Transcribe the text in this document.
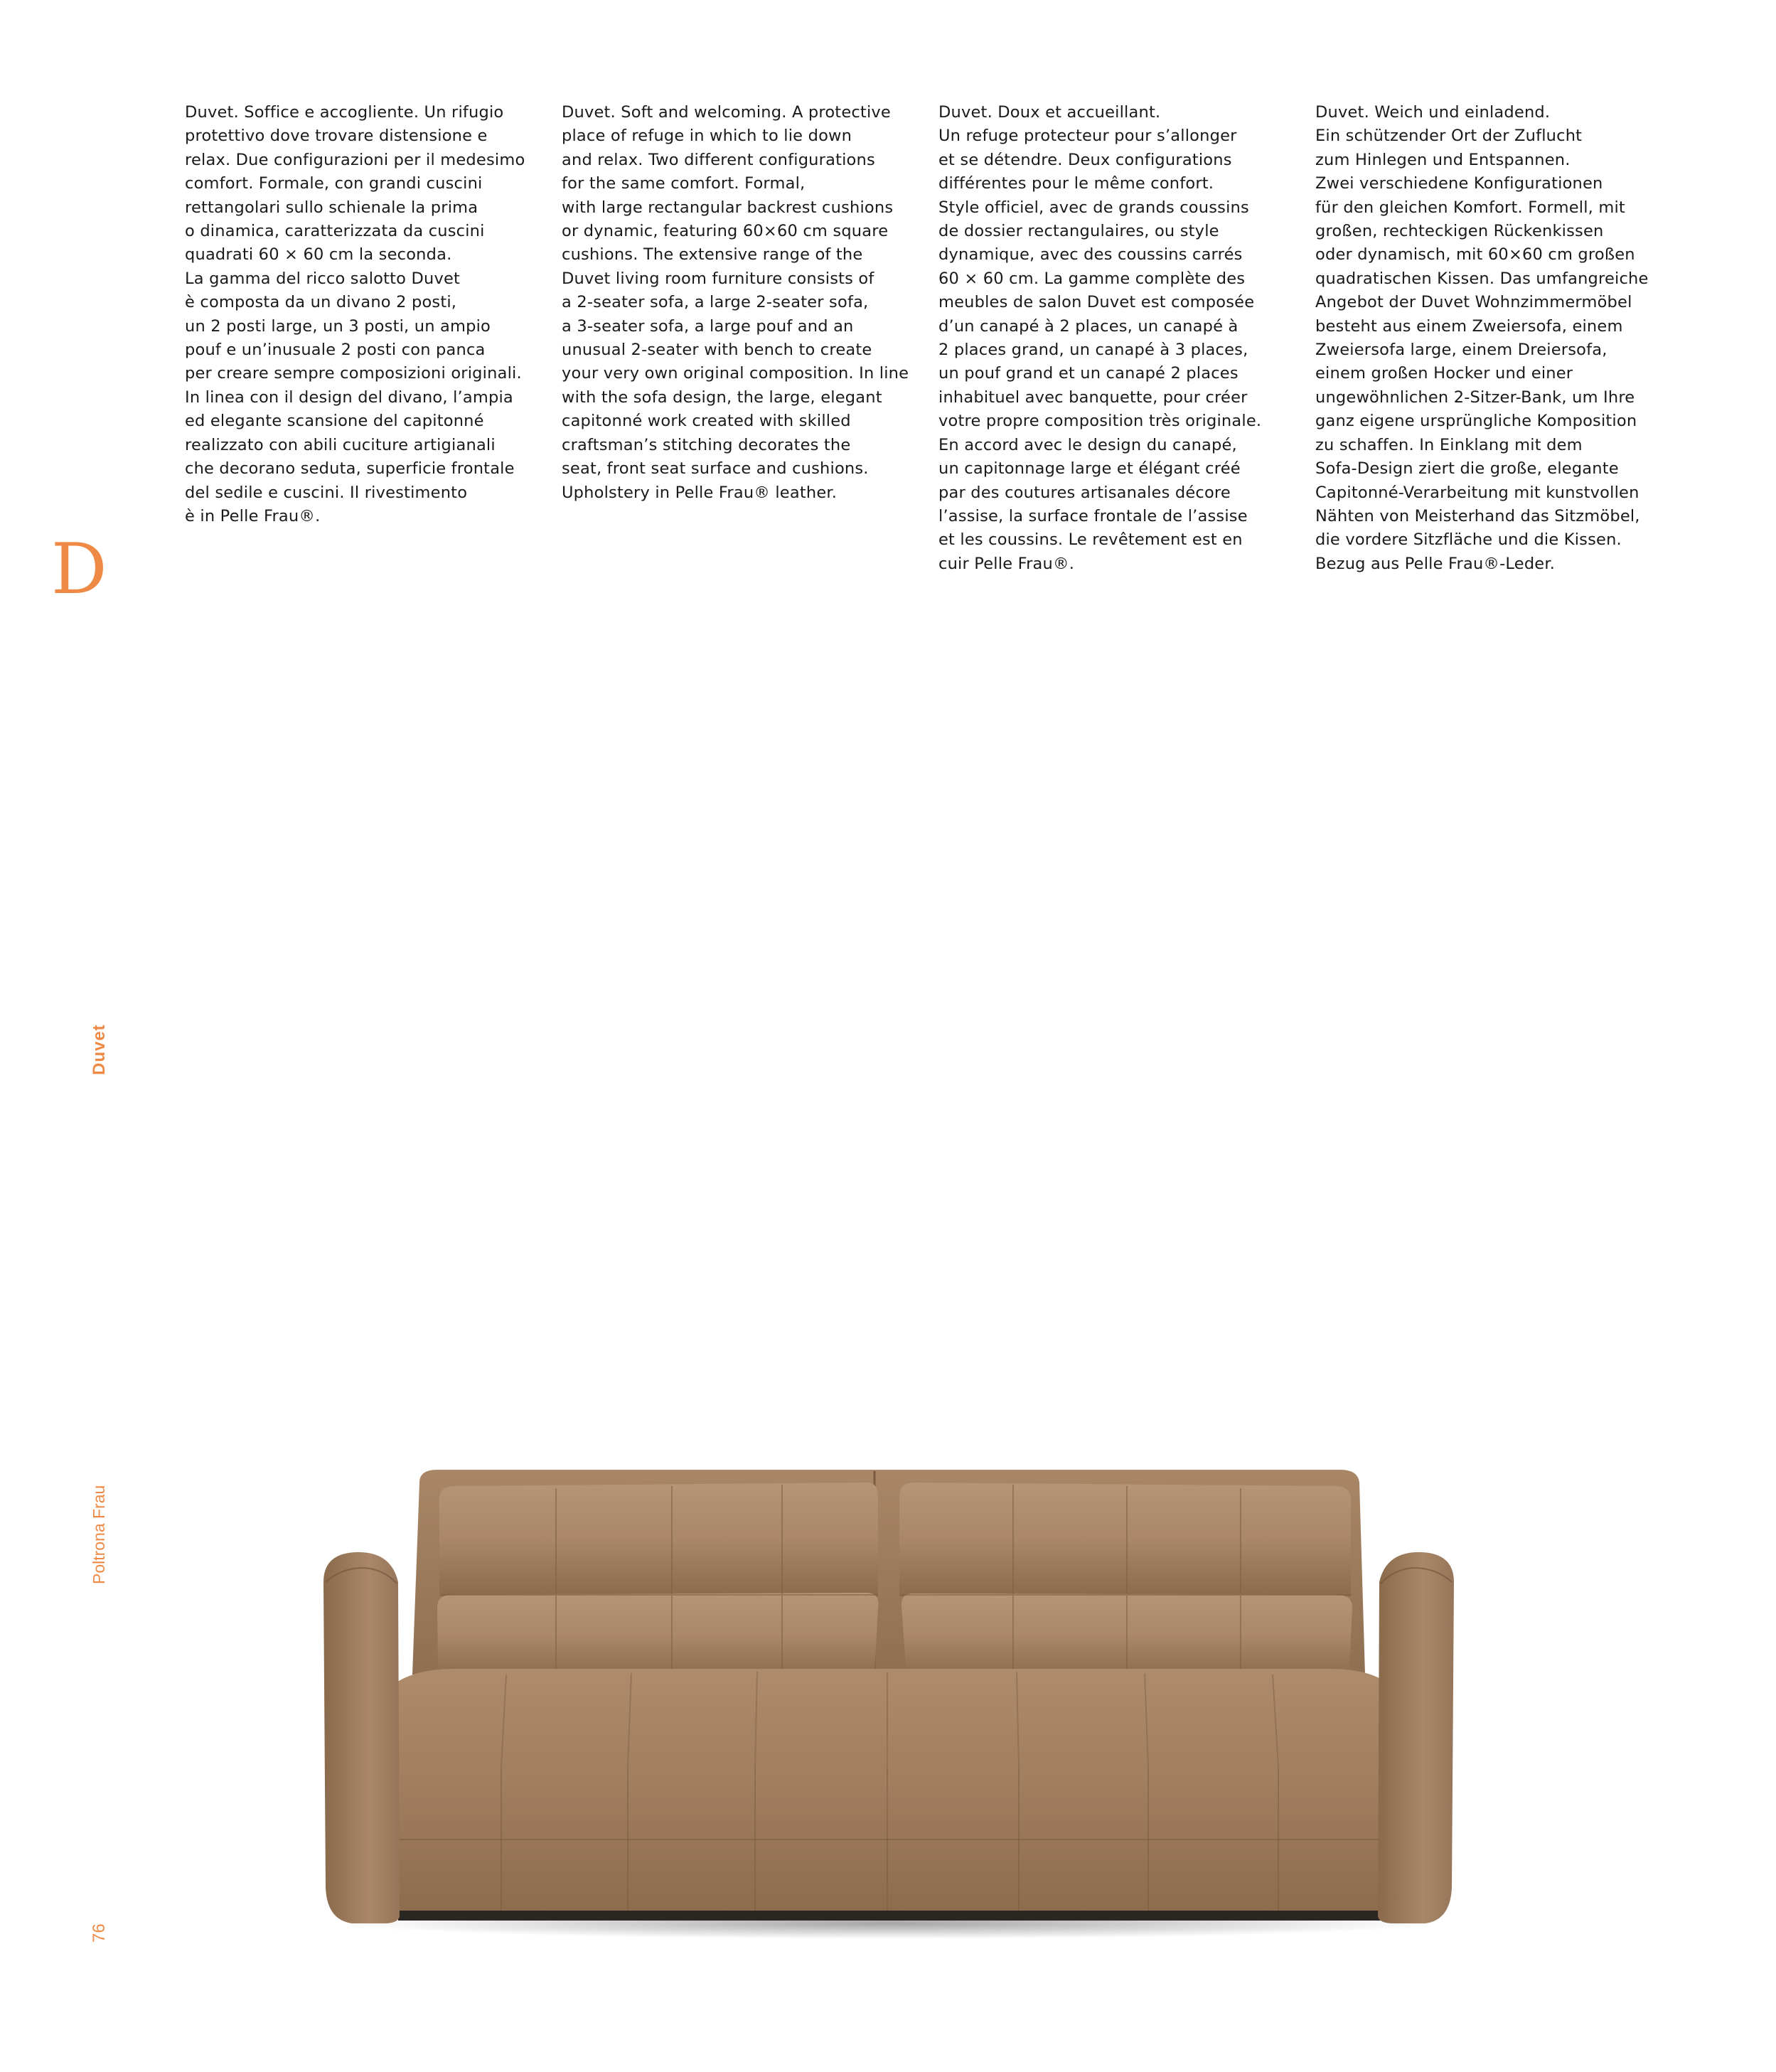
Duvet. Soffice e accogliente. Un rifugio

protettivo dove trovare distensione e

relax. Due configurazioni per il medesimo

comfort. Formale, con grandi cuscini

rettangolari sullo schienale la prima

o dinamica, caratterizzata da cuscini

quadrati 60 × 60 cm la seconda.

La gamma del ricco salotto Duvet

è composta da un divano 2 posti,

un 2 posti large, un 3 posti, un ampio

pouf e un’inusuale 2 posti con panca

per creare sempre composizioni originali.

In linea con il design del divano, l’ampia

ed elegante scansione del capitonné

realizzato con abili cuciture artigianali

che decorano seduta, superficie frontale

del sedile e cuscini. Il rivestimento

è in Pelle Frau®.

Duvet. Soft and welcoming. A protective

place of refuge in which to lie down

and relax. Two different configurations

for the same comfort. Formal,

with large rectangular backrest cushions

or dynamic, featuring 60×60 cm square

cushions. The extensive range of the

Duvet living room furniture consists of

a 2-seater sofa, a large 2-seater sofa,

a 3-seater sofa, a large pouf and an

unusual 2-seater with bench to create

your very own original composition. In line

with the sofa design, the large, elegant

capitonné work created with skilled

craftsman’s stitching decorates the

seat, front seat surface and cushions.

Upholstery in Pelle Frau® leather.

Duvet. Doux et accueillant.

Un refuge protecteur pour s’allonger

et se détendre. Deux configurations

différentes pour le même confort.

Style officiel, avec de grands coussins

de dossier rectangulaires, ou style

dynamique, avec des coussins carrés

60 × 60 cm. La gamme complète des

meubles de salon Duvet est composée

d’un canapé à 2 places, un canapé à

2 places grand, un canapé à 3 places,

un pouf grand et un canapé 2 places

inhabituel avec banquette, pour créer

votre propre composition très originale.

En accord avec le design du canapé,

un capitonnage large et élégant créé

par des coutures artisanales décore

l’assise, la surface frontale de l’assise

et les coussins. Le revêtement est en

cuir Pelle Frau®.

Duvet. Weich und einladend.

Ein schützender Ort der Zuflucht

zum Hinlegen und Entspannen.

Zwei verschiedene Konfigurationen

für den gleichen Komfort. Formell, mit

großen, rechteckigen Rückenkissen

oder dynamisch, mit 60×60 cm großen

quadratischen Kissen. Das umfangreiche

Angebot der Duvet Wohnzimmermöbel

besteht aus einem Zweiersofa, einem

Zweiersofa large, einem Dreiersofa,

einem großen Hocker und einer

ungewöhnlichen 2-Sitzer-Bank, um Ihre

ganz eigene ursprüngliche Komposition

zu schaffen. In Einklang mit dem

Sofa-Design ziert die große, elegante

Capitonné-Verarbeitung mit kunstvollen

Nähten von Meisterhand das Sitzmöbel,

die vordere Sitzfläche und die Kissen.

Bezug aus Pelle Frau®-Leder.

D
Duvet
Poltrona Frau
76
